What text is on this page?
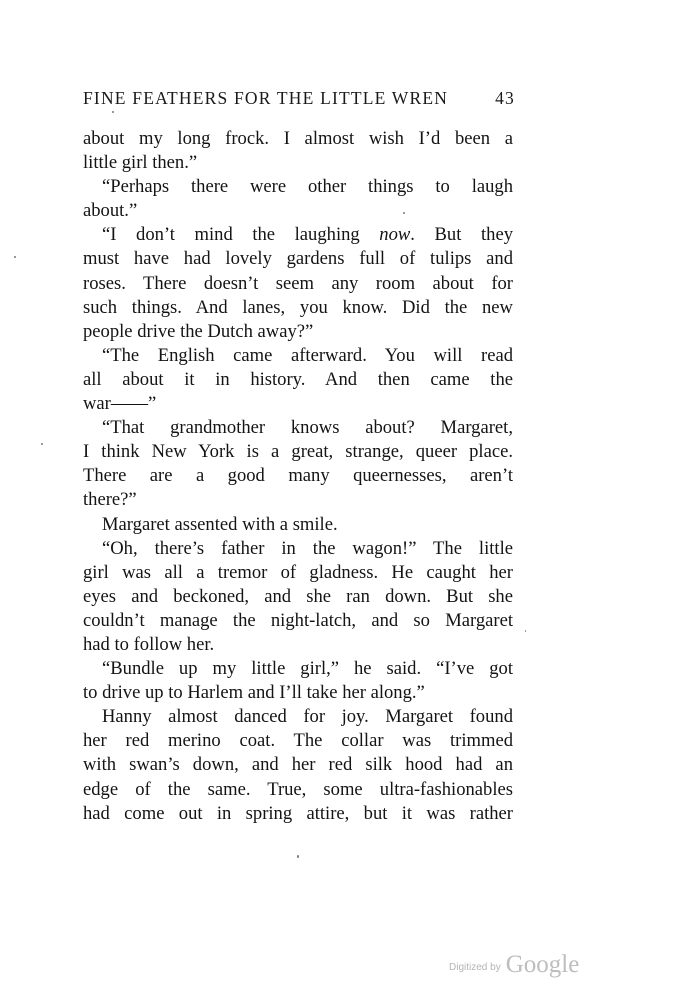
FINE FEATHERS FOR THE LITTLE WREN	43
about my long frock. I almost wish I’d been a
little girl then.”
“Perhaps there were other things to laugh
about.”
“I don’t mind the laughing now. But they
must have had lovely gardens full of tulips and
roses. There doesn’t seem any room about for
such things. And lanes, you know. Did the new
people drive the Dutch away?”
“The English came afterward. You will read
all about it in history. And then came the
war——”
“That grandmother knows about? Margaret,
I think New York is a great, strange, queer place.
There are a good many queernesses, aren’t
there?”
Margaret assented with a smile.
“Oh, there’s father in the wagon!” The little
girl was all a tremor of gladness. He caught her
eyes and beckoned, and she ran down. But she
couldn’t manage the night-latch, and so Margaret
had to follow her.
“Bundle up my little girl,” he said. “I’ve got
to drive up to Harlem and I’ll take her along.”
Hanny almost danced for joy. Margaret found
her red merino coat. The collar was trimmed
with swan’s down, and her red silk hood had an
edge of the same. True, some ultra-fashionables
had come out in spring attire, but it was rather
Digitized by Google
